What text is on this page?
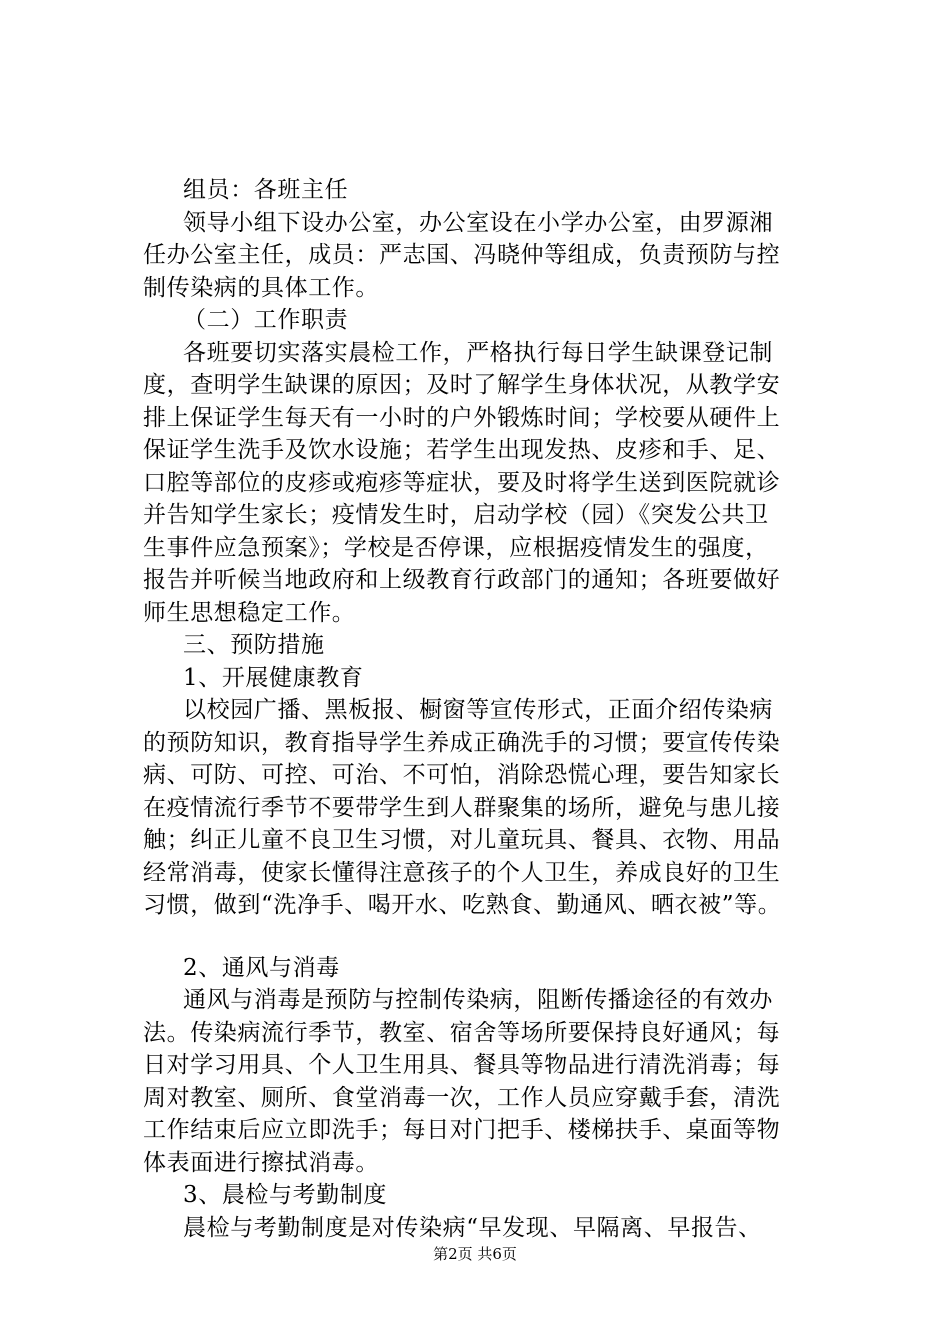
组员：各班主任
领导小组下设办公室，办公室设在小学办公室，由罗源湘
任办公室主任，成员：严志国、冯晓仲等组成，负责预防与控
制传染病的具体工作。
（二）工作职责
各班要切实落实晨检工作，严格执行每日学生缺课登记制
度，查明学生缺课的原因；及时了解学生身体状况，从教学安
排上保证学生每天有一小时的户外锻炼时间；学校要从硬件上
保证学生洗手及饮水设施；若学生出现发热、皮疹和手、足、
口腔等部位的皮疹或疱疹等症状，要及时将学生送到医院就诊
并告知学生家长；疫情发生时，启动学校（园）《突发公共卫
生事件应急预案》；学校是否停课，应根据疫情发生的强度，
报告并听候当地政府和上级教育行政部门的通知；各班要做好
师生思想稳定工作。
三、预防措施
1、开展健康教育
以校园广播、黑板报、橱窗等宣传形式，正面介绍传染病
的预防知识，教育指导学生养成正确洗手的习惯；要宣传传染
病、可防、可控、可治、不可怕，消除恐慌心理，要告知家长
在疫情流行季节不要带学生到人群聚集的场所，避免与患儿接
触；纠正儿童不良卫生习惯，对儿童玩具、餐具、衣物、用品
经常消毒，使家长懂得注意孩子的个人卫生，养成良好的卫生
习惯，做到“洗净手、喝开水、吃熟食、勤通风、晒衣被”等。
2、通风与消毒
通风与消毒是预防与控制传染病，阻断传播途径的有效办
法。传染病流行季节，教室、宿舍等场所要保持良好通风；每
日对学习用具、个人卫生用具、餐具等物品进行清洗消毒；每
周对教室、厕所、食堂消毒一次，工作人员应穿戴手套，清洗
工作结束后应立即洗手；每日对门把手、楼梯扶手、桌面等物
体表面进行擦拭消毒。
3、晨检与考勤制度
晨检与考勤制度是对传染病“早发现、早隔离、早报告、
第2页 共6页
